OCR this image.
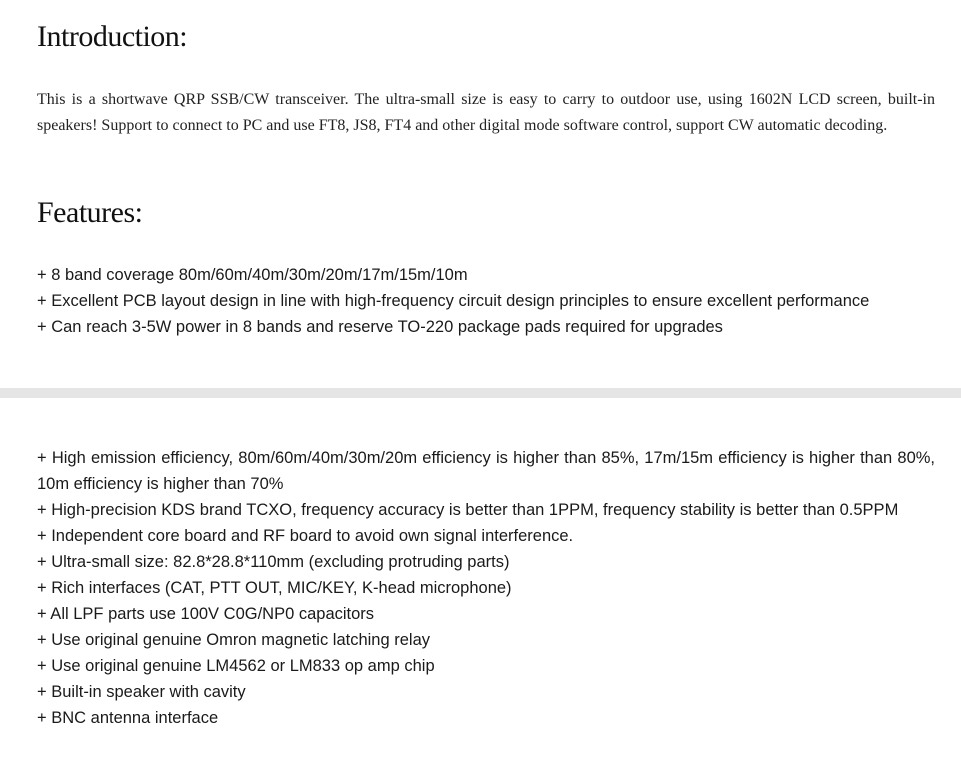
Introduction:

This is a shortwave QRP SSB/CW transceiver. The ultra-small size is easy to carry to outdoor use, using 1602N LCD screen, built-in speakers! Support to connect to PC and use FT8, JS8, FT4 and other digital mode software control, support CW automatic decoding.

Features:
+ 8 band coverage 80m/60m/40m/30m/20m/17m/15m/10m
+ Excellent PCB layout design in line with high-frequency circuit design principles to ensure excellent performance
+ Can reach 3-5W power in 8 bands and reserve TO-220 package pads required for upgrades
+ High emission efficiency, 80m/60m/40m/30m/20m efficiency is higher than 85%, 17m/15m efficiency is higher than 80%, 10m efficiency is higher than 70%
+ High-precision KDS brand TCXO, frequency accuracy is better than 1PPM, frequency stability is better than 0.5PPM
+ Independent core board and RF board to avoid own signal interference.
+ Ultra-small size: 82.8*28.8*110mm (excluding protruding parts)
+ Rich interfaces (CAT, PTT OUT, MIC/KEY, K-head microphone)
+ All LPF parts use 100V C0G/NP0 capacitors
+ Use original genuine Omron magnetic latching relay
+ Use original genuine LM4562 or LM833 op amp chip
+ Built-in speaker with cavity
+ BNC antenna interface
